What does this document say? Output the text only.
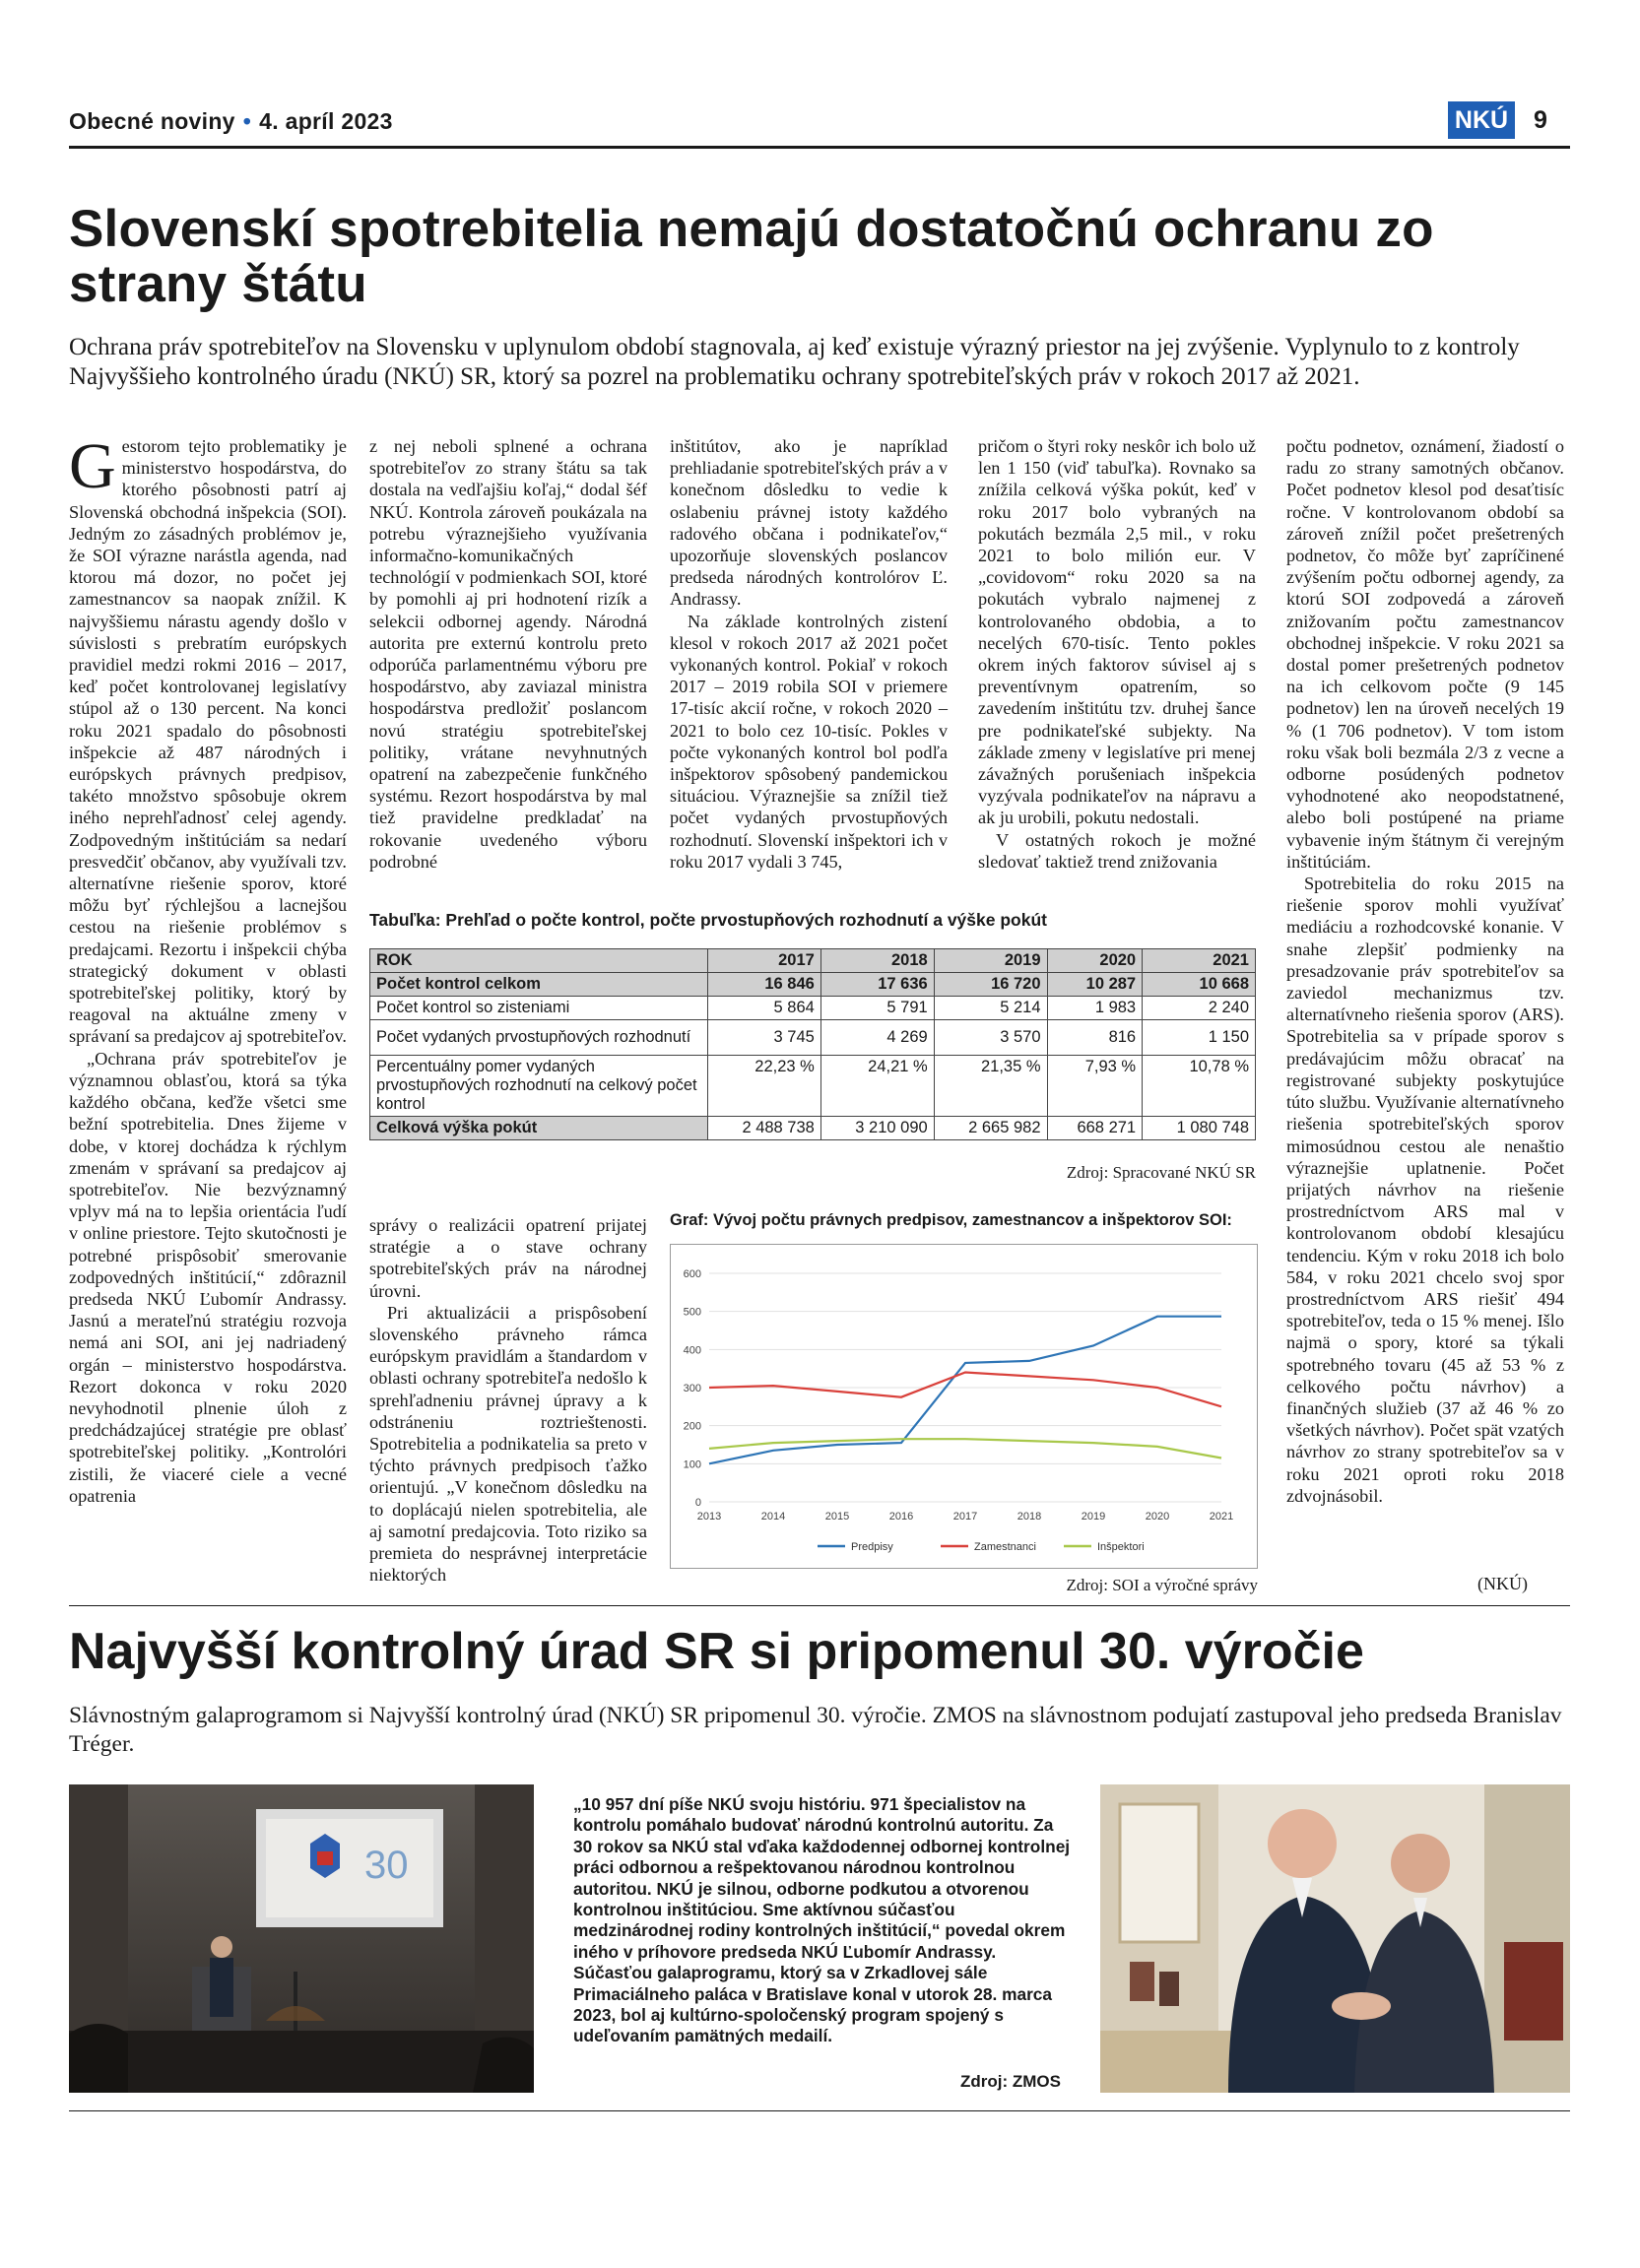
Obecné noviny • 4. apríl 2023	NKÚ 9
Slovenskí spotrebitelia nemajú dostatočnú ochranu zo strany štátu
Ochrana práv spotrebiteľov na Slovensku v uplynulom období stagnovala, aj keď existuje výrazný priestor na jej zvýšenie. Vyplynulo to z kontroly Najvyššieho kontrolného úradu (NKÚ) SR, ktorý sa pozrel na problematiku ochrany spotrebiteľských práv v rokoch 2017 až 2021.

Gestorom tejto problematiky je ministerstvo hospodárstva, do ktorého pôsobnosti patrí aj Slovenská obchodná inšpekcia (SOI). Jedným zo zásadných problémov je, že SOI výrazne narástla agenda, nad ktorou má dozor, no počet jej zamestnancov sa naopak znížil. K najvyššiemu nárastu agendy došlo v súvislosti s prebratím európskych pravidiel medzi rokmi 2016 – 2017, keď počet kontrolovanej legislatívy stúpol až o 130 percent. Na konci roku 2021 spadalo do pôsobnosti inšpekcie až 487 národných i európskych právnych predpisov, takéto množstvo spôsobuje okrem iného neprehľadnosť celej agendy. Zodpovedným inštitúciám sa nedarí presvedčiť občanov, aby využívali tzv. alternatívne riešenie sporov, ktoré môžu byť rýchlejšou a lacnejšou cestou na riešenie problémov s predajcami. Rezortu i inšpekcii chýba strategický dokument v oblasti spotrebiteľskej politiky, ktorý by reagoval na aktuálne zmeny v správaní sa predajcov aj spotrebiteľov.

„Ochrana práv spotrebiteľov je významnou oblasťou, ktorá sa týka každého občana, keďže všetci sme bežní spotrebitelia. Dnes žijeme v dobe, v ktorej dochádza k rýchlym zmenám v správaní sa predajcov aj spotrebiteľov. Nie bezvýznamný vplyv má na to lepšia orientácia ľudí v online priestore. Tejto skutočnosti je potrebné prispôsobiť smerovanie zodpovedných inštitúcií,“ zdôraznil predseda NKÚ Ľubomír Andrassy. Jasnú a merateľnú stratégiu rozvoja nemá ani SOI, ani jej nadriadený orgán – ministerstvo hospodárstva. Rezort dokonca v roku 2020 nevyhodnotil plnenie úloh z predchádzajúcej stratégie pre oblasť spotrebiteľskej politiky. „Kontrolóri zistili, že viaceré ciele a vecné opatrenia

z nej neboli splnené a ochrana spotrebiteľov zo strany štátu sa tak dostala na vedľajšiu koľaj,“ dodal šéf NKÚ. Kontrola zároveň poukázala na potrebu výraznejšieho využívania informačno-komunikačných technológií v podmienkach SOI, ktoré by pomohli aj pri hodnotení rizík a selekcii odbornej agendy. Národná autorita pre externú kontrolu preto odporúča parlamentnému výboru pre hospodárstvo, aby zaviazal ministra hospodárstva predložiť poslancom novú stratégiu spotrebiteľskej politiky, vrátane nevyhnutných opatrení na zabezpečenie funkčného systému. Rezort hospodárstva by mal tiež pravidelne predkladať na rokovanie uvedeného výboru podrobné

inštitútov, ako je napríklad prehliadanie spotrebiteľských práv a v konečnom dôsledku to vedie k oslabeniu právnej istoty každého radového občana i podnikateľov,“ upozorňuje slovenských poslancov predseda národných kontrolórov Ľ. Andrassy.

Na základe kontrolných zistení klesol v rokoch 2017 až 2021 počet vykonaných kontrol. Pokiaľ v rokoch 2017 – 2019 robila SOI v priemere 17-tisíc akcií ročne, v rokoch 2020 – 2021 to bolo cez 10-tisíc. Pokles v počte vykonaných kontrol bol podľa inšpektorov spôsobený pandemickou situáciou. Výraznejšie sa znížil tiež počet vydaných prvostupňových rozhodnutí. Slovenskí inšpektori ich v roku 2017 vydali 3 745,

pričom o štyri roky neskôr ich bolo už len 1 150 (viď tabuľka). Rovnako sa znížila celková výška pokút, keď v roku 2017 bolo vybraných na pokutách bezmála 2,5 mil., v roku 2021 to bolo milión eur. V „covidovom“ roku 2020 sa na pokutách vybralo najmenej z kontrolovaného obdobia, a to necelých 670-tisíc. Tento pokles okrem iných faktorov súvisel aj s preventívnym opatrením, so zavedením inštitútu tzv. druhej šance pre podnikateľské subjekty. Na základe zmeny v legislatíve pri menej závažných porušeniach inšpekcia vyzývala podnikateľov na nápravu a ak ju urobili, pokutu nedostali.

V ostatných rokoch je možné sledovať taktiež trend znižovania

počtu podnetov, oznámení, žiadostí o radu zo strany samotných občanov. Počet podnetov klesol pod desaťtisíc ročne. V kontrolovanom období sa zároveň znížil počet prešetrených podnetov, čo môže byť zapríčinené zvýšením počtu odbornej agendy, za ktorú SOI zodpovedá a zároveň znižovaním počtu zamestnancov obchodnej inšpekcie. V roku 2021 sa dostal pomer prešetrených podnetov na ich celkovom počte (9 145 podnetov) len na úroveň necelých 19 % (1 706 podnetov). V tom istom roku však boli bezmála 2/3 z vecne a odborne posúdených podnetov vyhodnotené ako neopodstatnené, alebo boli postúpené na priame vybavenie iným štátnym či verejným inštitúciám.

Spotrebitelia do roku 2015 na riešenie sporov mohli využívať mediáciu a rozhodcovské konanie. V snahe zlepšiť podmienky na presadzovanie práv spotrebiteľov sa zaviedol mechanizmus tzv. alternatívneho riešenia sporov (ARS). Spotrebitelia sa v prípade sporov s predávajúcim môžu obracať na registrované subjekty poskytujúce túto službu. Využívanie alternatívneho riešenia spotrebiteľských sporov mimosúdnou cestou ale nenaštio výraznejšie uplatnenie. Počet prijatých návrhov na riešenie prostredníctvom ARS mal v kontrolovanom období klesajúcu tendenciu. Kým v roku 2018 ich bolo 584, v roku 2021 chcelo svoj spor prostredníctvom ARS riešiť 494 spotrebiteľov, teda o 15 % menej. Išlo najmä o spory, ktoré sa týkali spotrebného tovaru (45 až 53 % z celkového počtu návrhov) a finančných služieb (37 až 46 % zo všetkých návrhov). Počet spät vzatých návrhov zo strany spotrebiteľov sa v roku 2021 oproti roku 2018 zdvojnásobil.

Tabuľka: Prehľad o počte kontrol, počte prvostupňových rozhodnutí a výške pokút
ROK	2017	2018	2019	2020	2021
Počet kontrol celkom	16 846	17 636	16 720	10 287	10 668
Počet kontrol so zisteniami	5 864	5 791	5 214	1 983	2 240
Počet vydaných prvostupňových rozhodnutí	3 745	4 269	3 570	816	1 150
Percentuálny pomer vydaných prvostupňových rozhodnutí na celkový počet kontrol	22,23 %	24,21 %	21,35 %	7,93 %	10,78 %
Celková výška pokút	2 488 738	3 210 090	2 665 982	668 271	1 080 748
Zdroj: Spracované NKÚ SR

správy o realizácii opatrení prijatej stratégie a o stave ochrany spotrebiteľských práv na národnej úrovni.

Pri aktualizácii a prispôsobení slovenského právneho rámca európskym pravidlám a štandardom v oblasti ochrany spotrebiteľa nedošlo k sprehľadneniu právnej úpravy a k odstráneniu roztrieštenosti. Spotrebitelia a podnikatelia sa preto v týchto právnych predpisoch ťažko orientujú. „V konečnom dôsledku na to doplácajú nielen spotrebitelia, ale aj samotní predajcovia. Toto riziko sa premieta do nesprávnej interpretácie niektorých

Graf: Vývoj počtu právnych predpisov, zamestnancov a inšpektorov SOI:
0
100
200
300
400
500
600
2013	2014	2015	2016	2017	2018	2019	2020	2021
Predpisy	Zamestnanci	Inšpektori
Zdroj: SOI a výročné správy	(NKÚ)
Najvyšší kontrolný úrad SR si pripomenul 30. výročie
Slávnostným galaprogramom si Najvyšší kontrolný úrad (NKÚ) SR pripomenul 30. výročie. ZMOS na slávnostnom podujatí zastupoval jeho predseda Branislav Tréger.
30
„10 957 dní píše NKÚ svoju históriu. 971 špecialistov na kontrolu pomáhalo budovať národnú kontrolnú autoritu. Za 30 rokov sa NKÚ stal vďaka každodennej odbornej kontrolnej práci odbornou a rešpektovanou národnou kontrolnou autoritou. NKÚ je silnou, odborne podkutou a otvorenou kontrolnou inštitúciou. Sme aktívnou súčasťou medzinárodnej rodiny kontrolných inštitúcií,“ povedal okrem iného v príhovore predseda NKÚ Ľubomír Andrassy. Súčasťou galaprogramu, ktorý sa v Zrkadlovej sále Primaciálneho paláca v Bratislave konal v utorok 28. marca 2023, bol aj kultúrno-spoločenský program spojený s udeľovaním pamätných medailí.
Zdroj: ZMOS
